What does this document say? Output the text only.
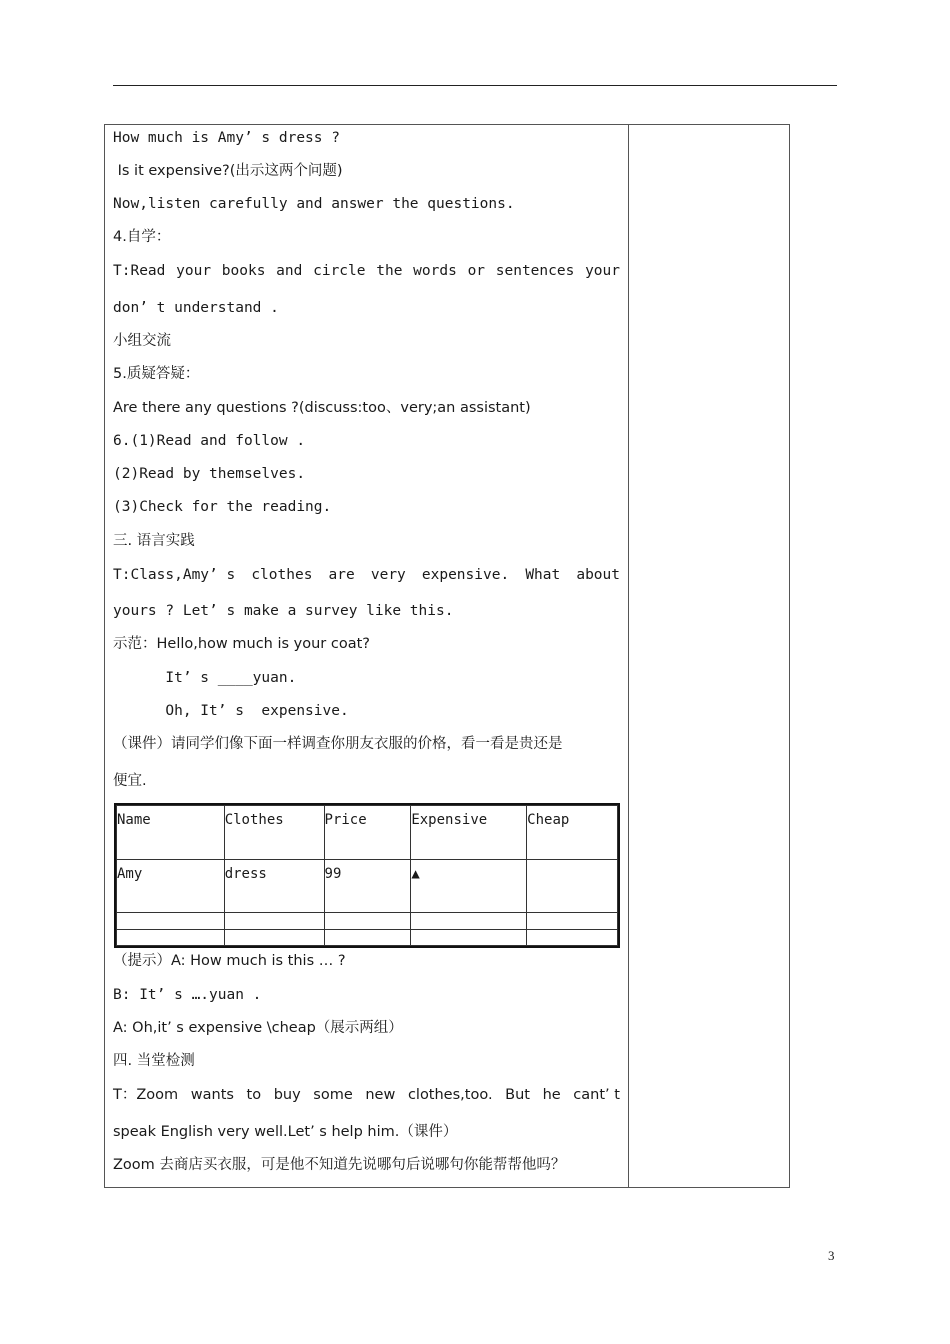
How much is Amy’ s dress ?
Is it expensive?(出示这两个问题)
Now,listen carefully and answer the questions.
4.自学：
T:Read your books and circle the words or sentences your
don’ t understand .
小组交流
5.质疑答疑：
Are there any questions ?(discuss:too、very;an assistant)
6.(1)Read and follow .
(2)Read by themselves.
(3)Check for the reading.
三. 语言实践
T:Class,Amy’ s clothes are very expensive. What about
yours ? Let’ s make a survey like this.
示范：Hello,how much is your coat?
It’ s ____yuan.
Oh, It’ s  expensive.
（课件）请同学们像下面一样调查你朋友衣服的价格，看一看是贵还是
便宜.
Name	Clothes	Price	Expensive	Cheap
Amy	dress	99	▲	

（提示）A: How much is this … ?
B: It’ s ….yuan .
A: Oh,it’ s expensive \cheap（展示两组）
四. 当堂检测
T：Zoom wants to buy some new clothes,too. But he cant’ t
speak English very well.Let’ s help him.（课件）
Zoom 去商店买衣服，可是他不知道先说哪句后说哪句你能帮帮他吗？
3
